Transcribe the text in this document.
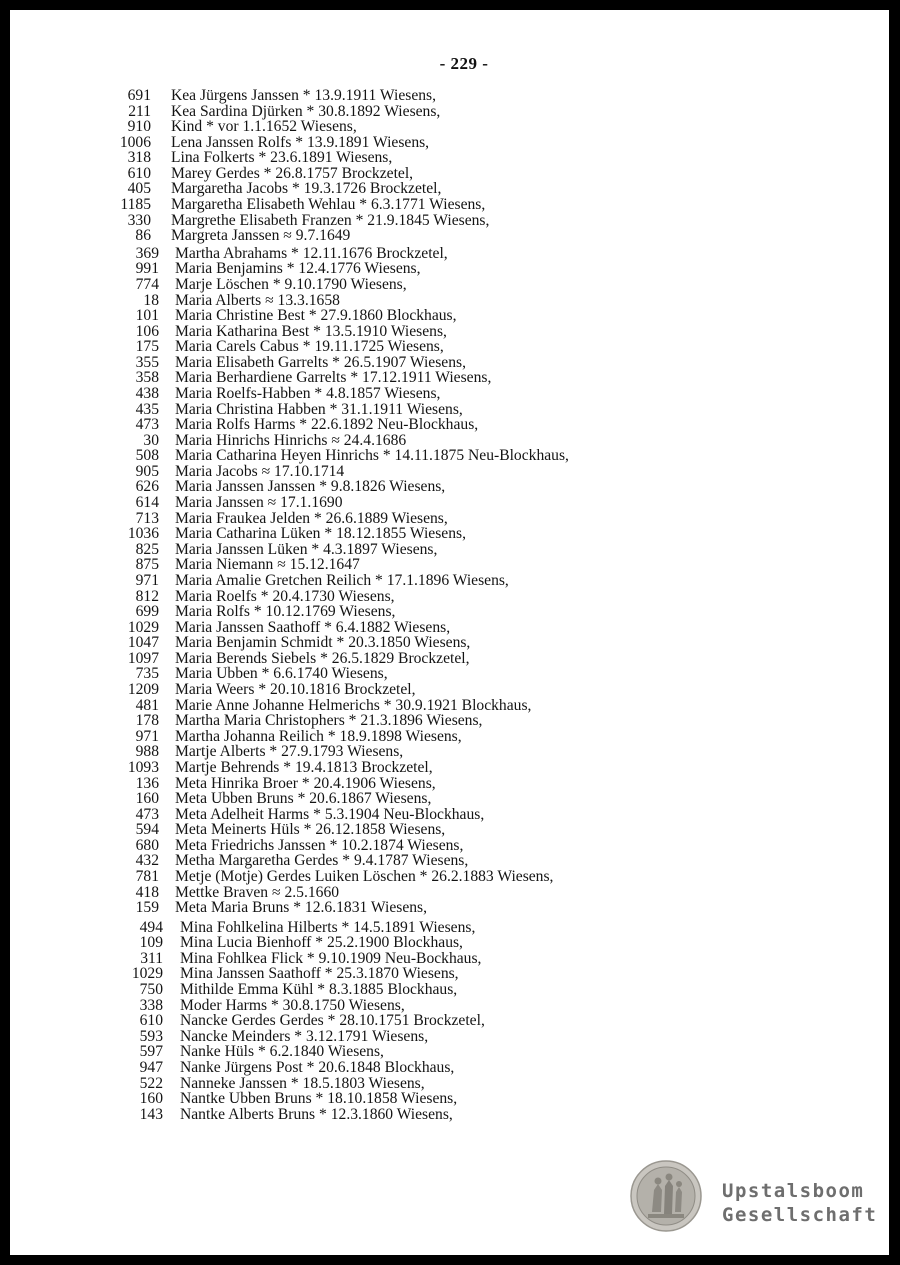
- 229 -
691 Kea Jürgens Janssen * 13.9.1911 Wiesens,
211 Kea Sardina Djürken * 30.8.1892 Wiesens,
910 Kind * vor 1.1.1652 Wiesens,
1006 Lena Janssen Rolfs * 13.9.1891 Wiesens,
318 Lina Folkerts * 23.6.1891 Wiesens,
610 Marey Gerdes * 26.8.1757 Brockzetel,
405 Margaretha Jacobs * 19.3.1726 Brockzetel,
1185 Margaretha Elisabeth Wehlau * 6.3.1771 Wiesens,
330 Margrethe Elisabeth Franzen * 21.9.1845 Wiesens,
86 Margreta Janssen ≈ 9.7.1649
369 Martha Abrahams * 12.11.1676 Brockzetel,
991 Maria Benjamins * 12.4.1776 Wiesens,
774 Marje Löschen * 9.10.1790 Wiesens,
18 Maria Alberts ≈ 13.3.1658
101 Maria Christine Best * 27.9.1860 Blockhaus,
106 Maria Katharina Best * 13.5.1910 Wiesens,
175 Maria Carels Cabus * 19.11.1725 Wiesens,
355 Maria Elisabeth Garrelts * 26.5.1907 Wiesens,
358 Maria Berhardiene Garrelts * 17.12.1911 Wiesens,
438 Maria Roelfs-Habben * 4.8.1857 Wiesens,
435 Maria Christina Habben * 31.1.1911 Wiesens,
473 Maria Rolfs Harms * 22.6.1892 Neu-Blockhaus,
30 Maria Hinrichs Hinrichs ≈ 24.4.1686
508 Maria Catharina Heyen Hinrichs * 14.11.1875 Neu-Blockhaus,
905 Maria Jacobs ≈ 17.10.1714
626 Maria Janssen Janssen * 9.8.1826 Wiesens,
614 Maria Janssen ≈ 17.1.1690
713 Maria Fraukea Jelden * 26.6.1889 Wiesens,
1036 Maria Catharina Lüken * 18.12.1855 Wiesens,
825 Maria Janssen Lüken * 4.3.1897 Wiesens,
875 Maria Niemann ≈ 15.12.1647
971 Maria Amalie Gretchen Reilich * 17.1.1896 Wiesens,
812 Maria Roelfs * 20.4.1730 Wiesens,
699 Maria Rolfs * 10.12.1769 Wiesens,
1029 Maria Janssen Saathoff * 6.4.1882 Wiesens,
1047 Maria Benjamin Schmidt * 20.3.1850 Wiesens,
1097 Maria Berends Siebels * 26.5.1829 Brockzetel,
735 Maria Ubben * 6.6.1740 Wiesens,
1209 Maria Weers * 20.10.1816 Brockzetel,
481 Marie Anne Johanne Helmerichs * 30.9.1921 Blockhaus,
178 Martha Maria Christophers * 21.3.1896 Wiesens,
971 Martha Johanna Reilich * 18.9.1898 Wiesens,
988 Martje Alberts * 27.9.1793 Wiesens,
1093 Martje Behrends * 19.4.1813 Brockzetel,
136 Meta Hinrika Broer * 20.4.1906 Wiesens,
160 Meta Ubben Bruns * 20.6.1867 Wiesens,
473 Meta Adelheit Harms * 5.3.1904 Neu-Blockhaus,
594 Meta Meinerts Hüls * 26.12.1858 Wiesens,
680 Meta Friedrichs Janssen * 10.2.1874 Wiesens,
432 Metha Margaretha Gerdes * 9.4.1787 Wiesens,
781 Metje (Motje) Gerdes Luiken Löschen * 26.2.1883 Wiesens,
418 Mettke Braven ≈ 2.5.1660
159 Meta Maria Bruns * 12.6.1831 Wiesens,
494 Mina Fohlkelina Hilberts * 14.5.1891 Wiesens,
109 Mina Lucia Bienhoff * 25.2.1900 Blockhaus,
311 Mina Fohlkea Flick * 9.10.1909 Neu-Bockhaus,
1029 Mina Janssen Saathoff * 25.3.1870 Wiesens,
750 Mithilde Emma Kühl * 8.3.1885 Blockhaus,
338 Moder Harms * 30.8.1750 Wiesens,
610 Nancke Gerdes Gerdes * 28.10.1751 Brockzetel,
593 Nancke Meinders * 3.12.1791 Wiesens,
597 Nanke Hüls * 6.2.1840 Wiesens,
947 Nanke Jürgens Post * 20.6.1848 Blockhaus,
522 Nanneke Janssen * 18.5.1803 Wiesens,
160 Nantke Ubben Bruns * 18.10.1858 Wiesens,
143 Nantke Alberts Bruns * 12.3.1860 Wiesens,
Upstalsboom
Gesellschaft
